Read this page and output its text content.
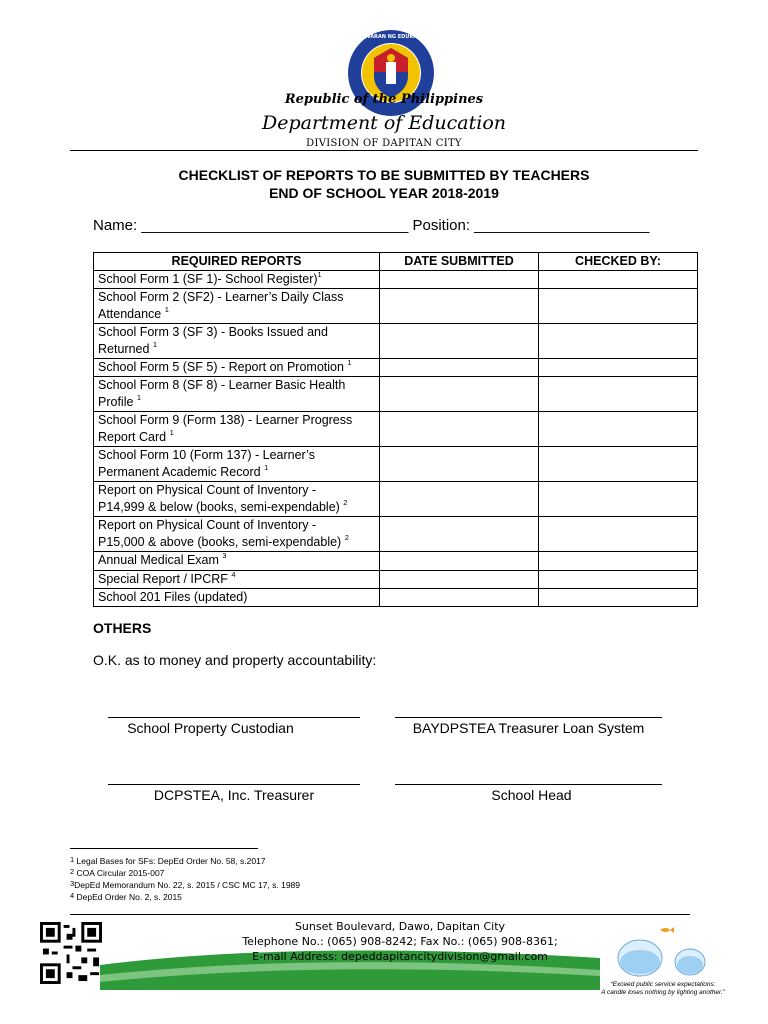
KAGAWARAN NG EDUKASYON
Republic of the Philippines
Department of Education
DIVISION OF DAPITAN CITY
CHECKLIST OF REPORTS TO BE SUBMITTED BY TEACHERS
END OF SCHOOL YEAR 2018-2019
Name: ________________________________ Position: _____________________
REQUIRED REPORTS	DATE SUBMITTED	CHECKED BY:
School Form 1 (SF 1)- School Register)$^1$		
School Form 2 (SF2) - Learner’s Daily Class
Attendance $^1$		
School Form 3 (SF 3) - Books Issued and
Returned $^1$		
School Form 5 (SF 5) - Report on Promotion $^1$		
School Form 8 (SF 8) - Learner Basic Health
Profile $^1$		
School Form 9 (Form 138) - Learner Progress
Report Card $^1$		
School Form 10 (Form 137) - Learner’s
Permanent Academic Record $^1$		
Report on Physical Count of Inventory -
P14,999 & below (books, semi-expendable) $^2$		
Report on Physical Count of Inventory -
P15,000 & above (books, semi-expendable) $^2$		
Annual Medical Exam $^3$		
Special Report / IPCRF $^4$		
School 201 Files (updated)		
OTHERS
O.K. as to money and property accountability:
School Property Custodian	BAYDPSTEA Treasurer Loan System
DCPSTEA, Inc. Treasurer	School Head
$^1$ Legal Bases for SFs: DepEd Order No. 58, s.2017
$^2$ COA Circular 2015-007
$^3$DepEd Memorandum No. 22, s. 2015 / CSC MC 17, s. 1989
$^4$ DepEd Order No. 2, s. 2015
Sunset Boulevard, Dawo, Dapitan City
Telephone No.: (065) 908-8242; Fax No.: (065) 908-8361;
E-mail Address: depeddapitancitydivision@gmail.com
“Exceed public service expectations:
A candle loses nothing by lighting another.”
